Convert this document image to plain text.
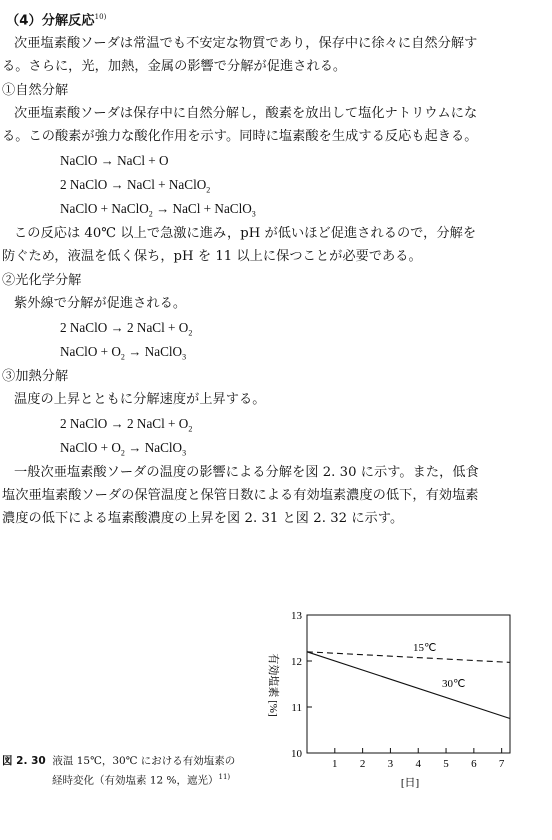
（4）分解反応$^{10)}$
次亜塩素酸ソーダは常温でも不安定な物質であり，保存中に徐々に自然分解す
る。さらに，光，加熱，金属の影響で分解が促進される。
①自然分解
次亜塩素酸ソーダは保存中に自然分解し，酸素を放出して塩化ナトリウムにな
る。この酸素が強力な酸化作用を示す。同時に塩素酸を生成する反応も起きる。
NaClO → NaCl + O
2 NaClO → NaCl + NaClO$_2$
NaClO + NaClO$_2$ → NaCl + NaClO$_3$
この反応は 40℃ 以上で急激に進み，pH が低いほど促進されるので，分解を
防ぐため，液温を低く保ち，pH を 11 以上に保つことが必要である。
②光化学分解
紫外線で分解が促進される。
2 NaClO → 2 NaCl + $O_2$
NaClO + $O_2$ → NaClO$_3$
③加熱分解
温度の上昇とともに分解速度が上昇する。
2 NaClO → 2 NaCl + $O_2$
NaClO + $O_2$ → NaClO$_3$
一般次亜塩素酸ソーダの温度の影響による分解を図 2. 30 に示す。また，低食
塩次亜塩素酸ソーダの保管温度と保管日数による有効塩素濃度の低下，有効塩素
濃度の低下による塩素酸濃度の上昇を図 2. 31 と図 2. 32 に示す。
図 2. 30 液温 15℃，30℃ における有効塩素の
経時変化（有効塩素 12 %，遮光）$^{11)}$
10
11
12
13
1 2 3 4 5 6 7
有効塩素 [%]
[日]
15℃
30℃
